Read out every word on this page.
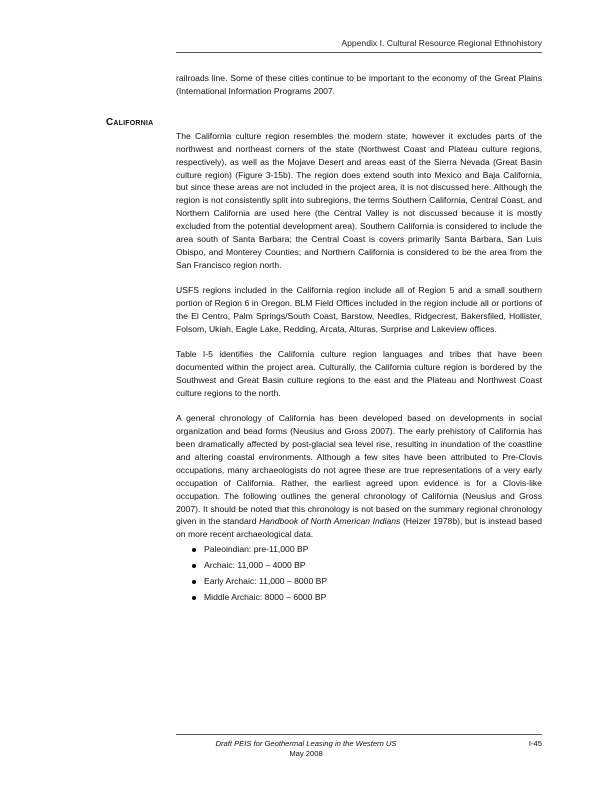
Appendix I. Cultural Resource Regional Ethnohistory
California

railroads line. Some of these cities continue to be important to the economy of the Great Plains (International Information Programs 2007.

The California culture region resembles the modern state, however it excludes parts of the northwest and northeast corners of the state (Northwest Coast and Plateau culture regions, respectively), as well as the Mojave Desert and areas east of the Sierra Nevada (Great Basin culture region) (Figure 3-15b). The region does extend south into Mexico and Baja California, but since these areas are not included in the project area, it is not discussed here. Although the region is not consistently split into subregions, the terms Southern California, Central Coast, and Northern California are used here (the Central Valley is not discussed because it is mostly excluded from the potential development area). Southern California is considered to include the area south of Santa Barbara; the Central Coast is covers primarily Santa Barbara, San Luis Obispo, and Monterey Counties; and Northern California is considered to be the area from the San Francisco region north.

USFS regions included in the California region include all of Region 5 and a small southern portion of Region 6 in Oregon. BLM Field Offices included in the region include all or portions of the El Centro, Palm Springs/South Coast, Barstow, Needles, Ridgecrest, Bakersfiled, Hollister, Folsom, Ukiah, Eagle Lake, Redding, Arcata, Alturas, Surprise and Lakeview offices.

Table I-5 identifies the California culture region languages and tribes that have been documented within the project area. Culturally, the California culture region is bordered by the Southwest and Great Basin culture regions to the east and the Plateau and Northwest Coast culture regions to the north.

A general chronology of California has been developed based on developments in social organization and bead forms (Neusius and Gross 2007). The early prehistory of California has been dramatically affected by post-glacial sea level rise, resulting in inundation of the coastline and altering coastal environments. Although a few sites have been attributed to Pre-Clovis occupations, many archaeologists do not agree these are true representations of a very early occupation of California. Rather, the earliest agreed upon evidence is for a Clovis-like occupation. The following outlines the general chronology of California (Neusius and Gross 2007). It should be noted that this chronology is not based on the summary regional chronology given in the standard Handbook of North American Indians (Heizer 1978b), but is instead based on more recent archaeological data.

Paleoindian: pre-11,000 BP
Archaic: 11,000 – 4000 BP
Early Archaic: 11,000 – 8000 BP
Middle Archaic: 8000 – 6000 BP
Draft PEIS for Geothermal Leasing in the Western US
May 2008
I-45
